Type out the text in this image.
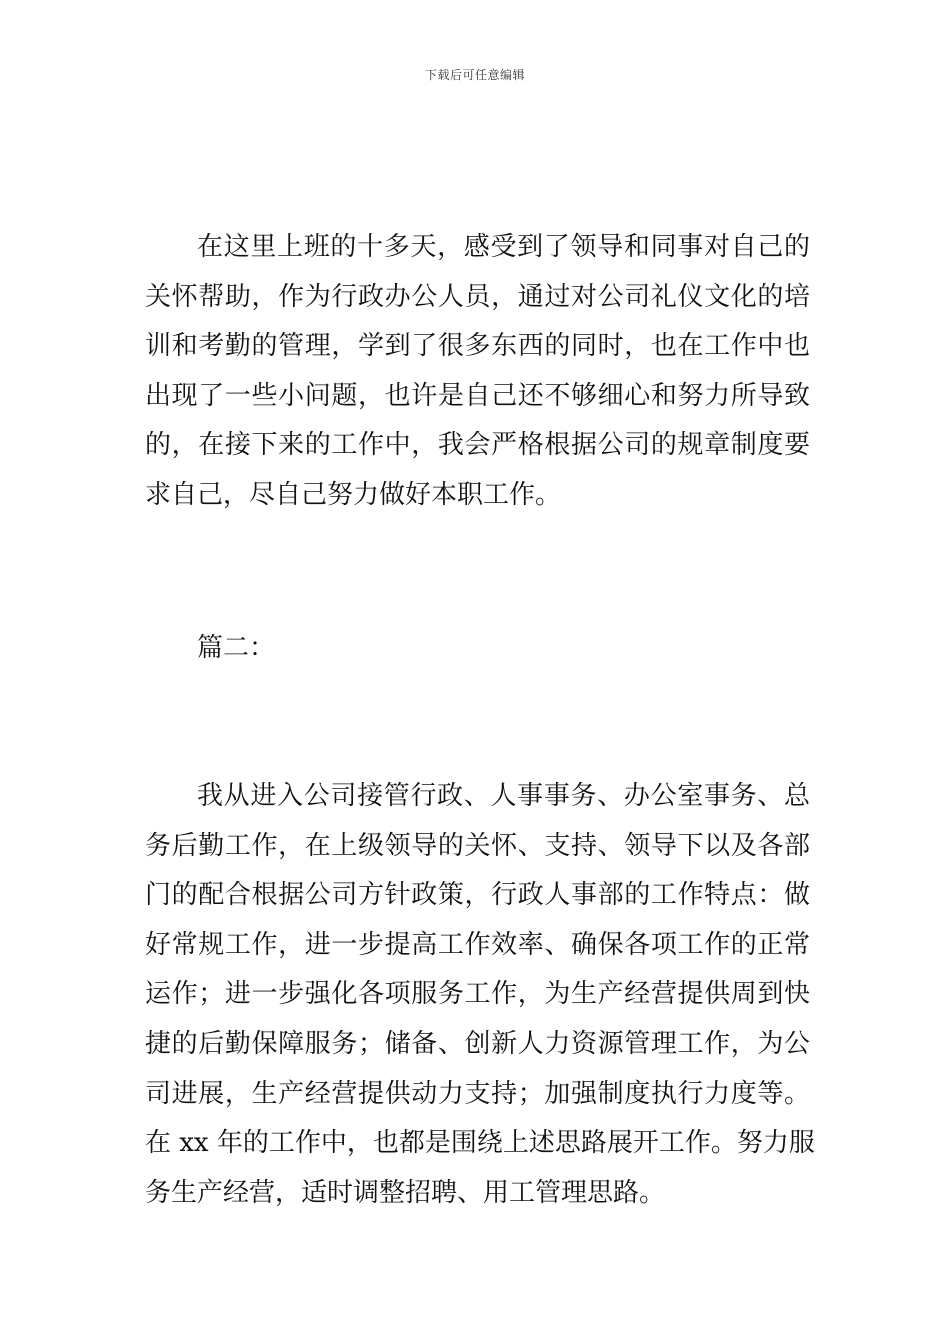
下载后可任意编辑
在这里上班的十多天，感受到了领导和同事对自己的
关怀帮助，作为行政办公人员，通过对公司礼仪文化的培
训和考勤的管理，学到了很多东西的同时，也在工作中也
出现了一些小问题，也许是自己还不够细心和努力所导致
的，在接下来的工作中，我会严格根据公司的规章制度要
求自己，尽自己努力做好本职工作。
篇二：
我从进入公司接管行政、人事事务、办公室事务、总
务后勤工作，在上级领导的关怀、支持、领导下以及各部
门的配合根据公司方针政策，行政人事部的工作特点：做
好常规工作，进一步提高工作效率、确保各项工作的正常
运作；进一步强化各项服务工作，为生产经营提供周到快
捷的后勤保障服务；储备、创新人力资源管理工作，为公
司进展，生产经营提供动力支持；加强制度执行力度等。
在 xx 年的工作中，也都是围绕上述思路展开工作。努力服
务生产经营，适时调整招聘、用工管理思路。
